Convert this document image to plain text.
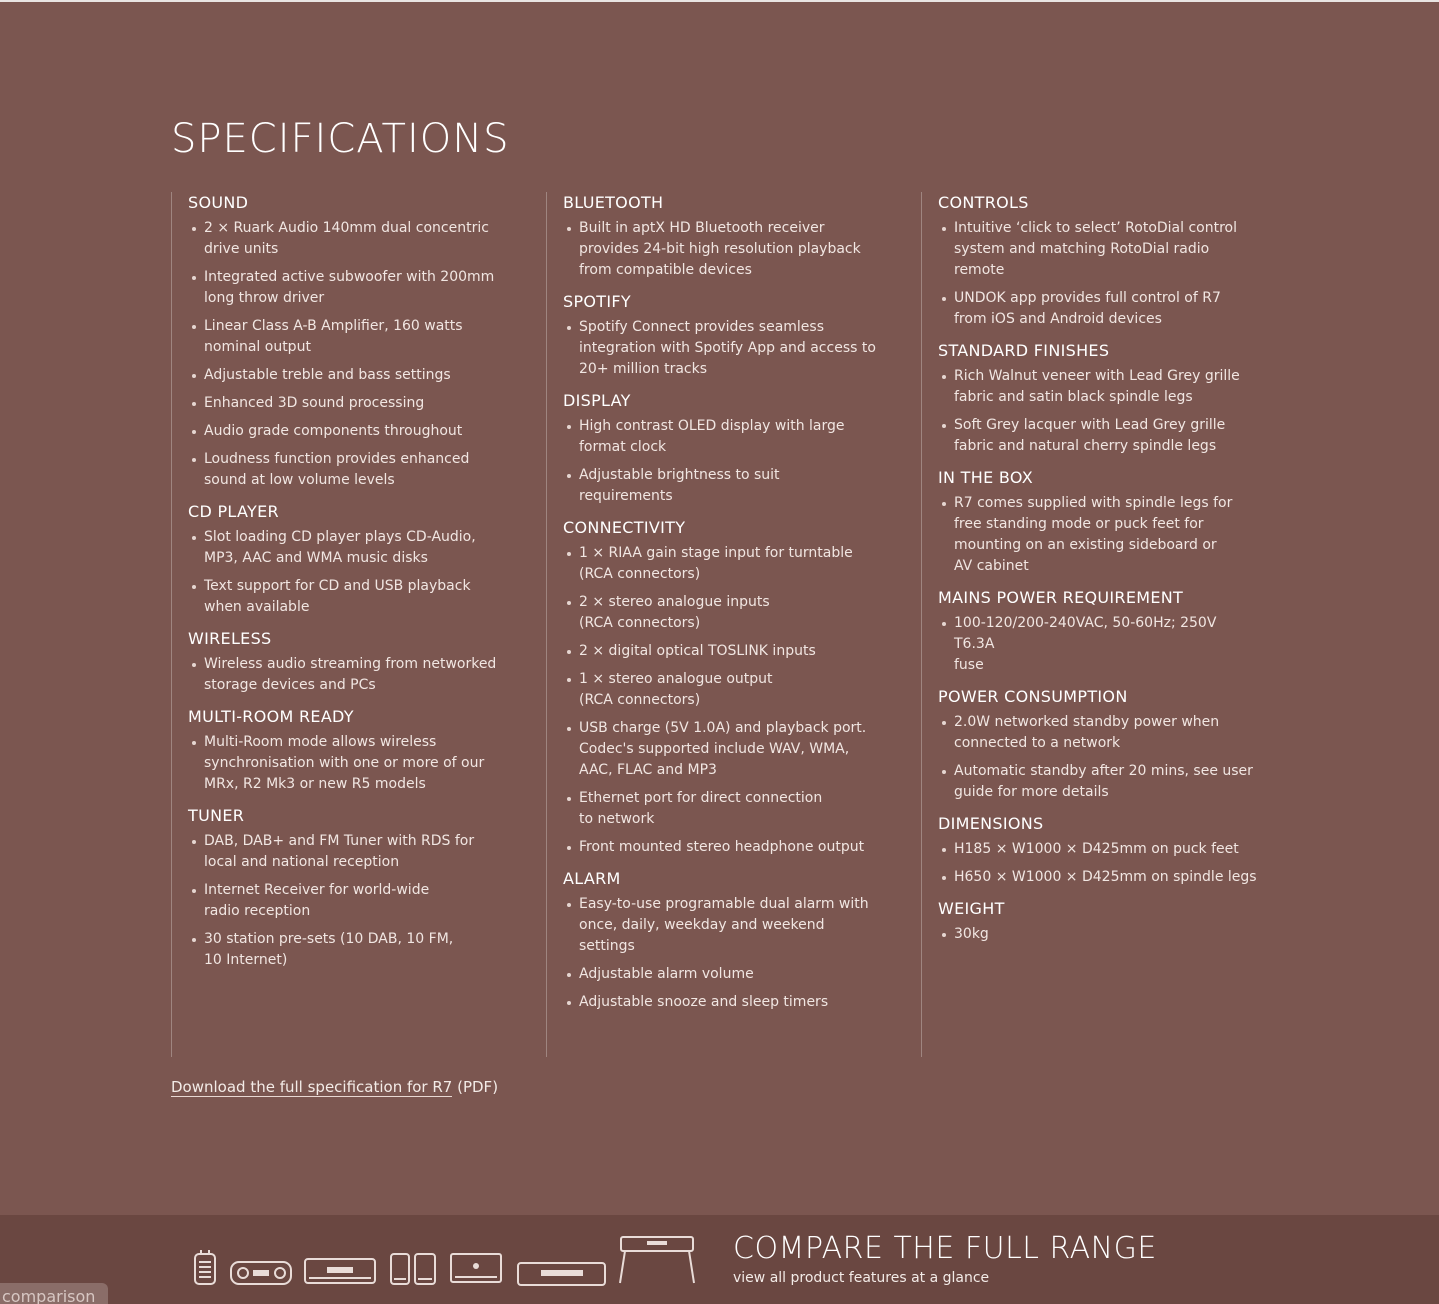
SPECIFICATIONS
SOUND
2 × Ruark Audio 140mm dual concentric
drive units
Integrated active subwoofer with 200mm
long throw driver
Linear Class A-B Amplifier, 160 watts
nominal output
Adjustable treble and bass settings
Enhanced 3D sound processing
Audio grade components throughout
Loudness function provides enhanced
sound at low volume levels
CD PLAYER
Slot loading CD player plays CD-Audio,
MP3, AAC and WMA music disks
Text support for CD and USB playback
when available
WIRELESS
Wireless audio streaming from networked
storage devices and PCs
MULTI-ROOM READY
Multi-Room mode allows wireless
synchronisation with one or more of our
MRx, R2 Mk3 or new R5 models
TUNER
DAB, DAB+ and FM Tuner with RDS for
local and national reception
Internet Receiver for world-wide
radio reception
30 station pre-sets (10 DAB, 10 FM,
10 Internet)
BLUETOOTH
Built in aptX HD Bluetooth receiver
provides 24-bit high resolution playback
from compatible devices
SPOTIFY
Spotify Connect provides seamless
integration with Spotify App and access to
20+ million tracks
DISPLAY
High contrast OLED display with large
format clock
Adjustable brightness to suit
requirements
CONNECTIVITY
1 × RIAA gain stage input for turntable
(RCA connectors)
2 × stereo analogue inputs
(RCA connectors)
2 × digital optical TOSLINK inputs
1 × stereo analogue output
(RCA connectors)
USB charge (5V 1.0A) and playback port.
Codec's supported include WAV, WMA,
AAC, FLAC and MP3
Ethernet port for direct connection
to network
Front mounted stereo headphone output
ALARM
Easy-to-use programable dual alarm with
once, daily, weekday and weekend
settings
Adjustable alarm volume
Adjustable snooze and sleep timers
CONTROLS
Intuitive ‘click to select’ RotoDial control
system and matching RotoDial radio
remote
UNDOK app provides full control of R7
from iOS and Android devices
STANDARD FINISHES
Rich Walnut veneer with Lead Grey grille
fabric and satin black spindle legs
Soft Grey lacquer with Lead Grey grille
fabric and natural cherry spindle legs
IN THE BOX
R7 comes supplied with spindle legs for
free standing mode or puck feet for
mounting on an existing sideboard or
AV cabinet
MAINS POWER REQUIREMENT
100-120/200-240VAC, 50-60Hz; 250V T6.3A
fuse
POWER CONSUMPTION
2.0W networked standby power when
connected to a network
Automatic standby after 20 mins, see user
guide for more details
DIMENSIONS
H185 × W1000 × D425mm on puck feet
H650 × W1000 × D425mm on spindle legs
WEIGHT
30kg
Download the full specification for R7 (PDF)
COMPARE THE FULL RANGE
view all product features at a glance
comparison
